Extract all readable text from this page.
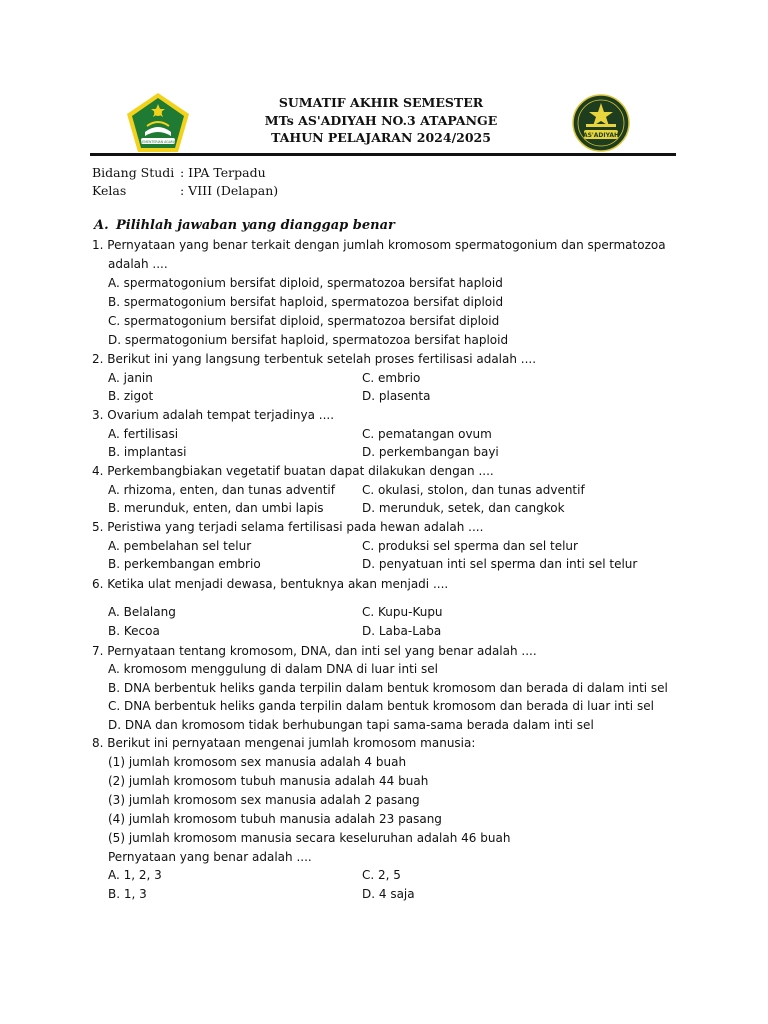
KEMENTERIAN AGAMA
SUMATIF AKHIR SEMESTER
MTs AS'ADIYAH NO.3 ATAPANGE
TAHUN PELAJARAN 2024/2025	AS'ADIYAH
Bidang Studi : IPA Terpadu
Kelas	: VIII (Delapan)
A. Pilihlah jawaban yang dianggap benar
1. Pernyataan yang benar terkait dengan jumlah kromosom spermatogonium dan spermatozoa
adalah ....
A. spermatogonium bersifat diploid, spermatozoa bersifat haploid
B. spermatogonium bersifat haploid, spermatozoa bersifat diploid
C. spermatogonium bersifat diploid, spermatozoa bersifat diploid
D. spermatogonium bersifat haploid, spermatozoa bersifat haploid
2. Berikut ini yang langsung terbentuk setelah proses fertilisasi adalah ....
A. janin	C. embrio
B. zigot	D. plasenta
3. Ovarium adalah tempat terjadinya ....
A. fertilisasi	C. pematangan ovum
B. implantasi	D. perkembangan bayi
4. Perkembangbiakan vegetatif buatan dapat dilakukan dengan ....
A. rhizoma, enten, dan tunas adventif C. okulasi, stolon, dan tunas adventif
B. merunduk, enten, dan umbi lapis	D. merunduk, setek, dan cangkok
5. Peristiwa yang terjadi selama fertilisasi pada hewan adalah ....
A. pembelahan sel telur	C. produksi sel sperma dan sel telur
B. perkembangan embrio	D. penyatuan inti sel sperma dan inti sel telur
6. Ketika ulat menjadi dewasa, bentuknya akan menjadi ....
A. Belalang	C. Kupu-Kupu
B. Kecoa	D. Laba-Laba
7. Pernyataan tentang kromosom, DNA, dan inti sel yang benar adalah ....
A. kromosom menggulung di dalam DNA di luar inti sel
B. DNA berbentuk heliks ganda terpilin dalam bentuk kromosom dan berada di dalam inti sel
C. DNA berbentuk heliks ganda terpilin dalam bentuk kromosom dan berada di luar inti sel
D. DNA dan kromosom tidak berhubungan tapi sama-sama berada dalam inti sel
8. Berikut ini pernyataan mengenai jumlah kromosom manusia:
(1) jumlah kromosom sex manusia adalah 4 buah
(2) jumlah kromosom tubuh manusia adalah 44 buah
(3) jumlah kromosom sex manusia adalah 2 pasang
(4) jumlah kromosom tubuh manusia adalah 23 pasang
(5) jumlah kromosom manusia secara keseluruhan adalah 46 buah
Pernyataan yang benar adalah ....
A. 1, 2, 3	C. 2, 5
B. 1, 3	D. 4 saja
